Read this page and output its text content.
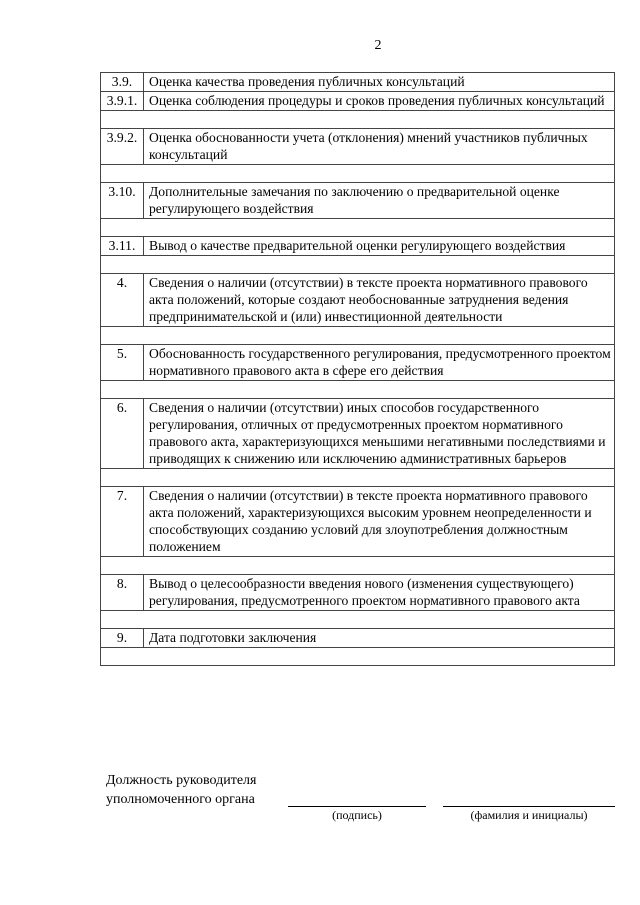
2
3.9.	Оценка качества проведения публичных консультаций
3.9.1.	Оценка соблюдения процедуры и сроков проведения публичных консультаций

3.9.2.	Оценка обоснованности учета (отклонения) мнений участников публичных консультаций

3.10.	Дополнительные замечания по заключению о предварительной оценке регулирующего воздействия

3.11.	Вывод о качестве предварительной оценки регулирующего воздействия

4.	Сведения о наличии (отсутствии) в тексте проекта нормативного правового акта положений, которые создают необоснованные затруднения ведения предпринимательской и (или) инвестиционной деятельности

5.	Обоснованность государственного регулирования, предусмотренного проектом нормативного правового акта в сфере его действия

6.	Сведения о наличии (отсутствии) иных способов государственного регулирования, отличных от предусмотренных проектом нормативного правового акта, характеризующихся меньшими негативными последствиями и приводящих к снижению или исключению административных барьеров

7.	Сведения о наличии (отсутствии) в тексте проекта нормативного правового акта положений, характеризующихся высоким уровнем неопределенности и способствующих созданию условий для злоупотребления должностным положением

8.	Вывод о целесообразности введения нового (изменения существующего) регулирования, предусмотренного проектом нормативного правового акта

9.	Дата подготовки заключения

Должность руководителя
уполномоченного органа
(подпись)	(фамилия и инициалы)
